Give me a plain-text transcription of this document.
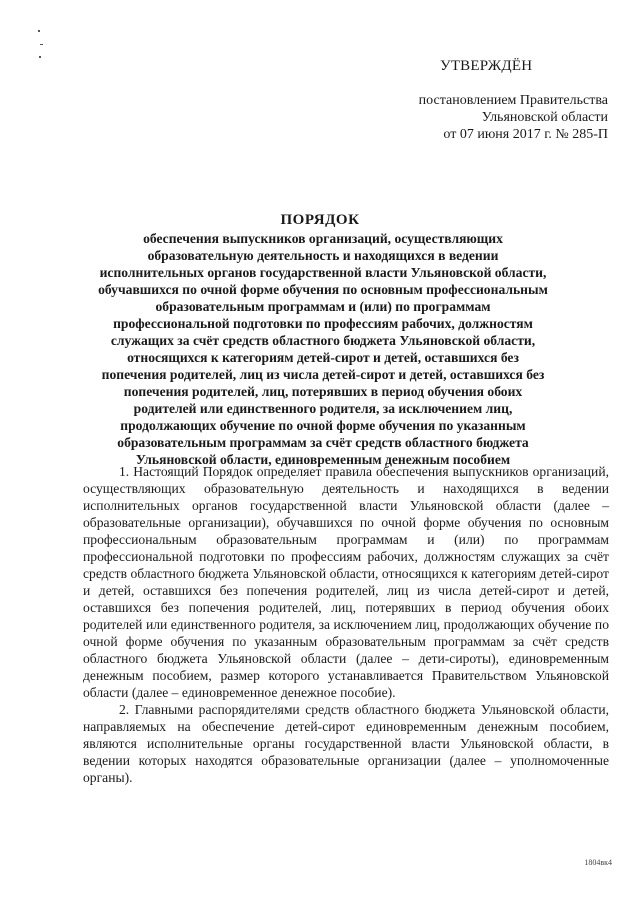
УТВЕРЖДЁН
постановлением Правительства
Ульяновской области
от 07 июня 2017 г. № 285-П
ПОРЯДОК
обеспечения выпускников организаций, осуществляющих образовательную деятельность и находящихся в ведении исполнительных органов государственной власти Ульяновской области, обучавшихся по очной форме обучения по основным профессиональным образовательным программам и (или) по программам профессиональной подготовки по профессиям рабочих, должностям служащих за счёт средств областного бюджета Ульяновской области, относящихся к категориям детей-сирот и детей, оставшихся без попечения родителей, лиц из числа детей-сирот и детей, оставшихся без попечения родителей, лиц, потерявших в период обучения обоих родителей или единственного родителя, за исключением лиц, продолжающих обучение по очной форме обучения по указанным образовательным программам за счёт средств областного бюджета Ульяновской области, единовременным денежным пособием

1. Настоящий Порядок определяет правила обеспечения выпускников организаций, осуществляющих образовательную деятельность и находящихся в ведении исполнительных органов государственной власти Ульяновской области (далее – образовательные организации), обучавшихся по очной форме обучения по основным профессиональным образовательным программам и (или) по программам профессиональной подготовки по профессиям рабочих, должностям служащих за счёт средств областного бюджета Ульяновской области, относящихся к категориям детей-сирот и детей, оставшихся без попечения родителей, лиц из числа детей-сирот и детей, оставшихся без попечения родителей, лиц, потерявших в период обучения обоих родителей или единственного родителя, за исключением лиц, продолжающих обучение по очной форме обучения по указанным образовательным программам за счёт средств областного бюджета Ульяновской области (далее – дети-сироты), единовременным денежным пособием, размер которого устанавливается Правительством Ульяновской области (далее – единовременное денежное пособие).

2. Главными распорядителями средств областного бюджета Ульяновской области, направляемых на обеспечение детей-сирот единовременным денежным пособием, являются исполнительные органы государственной власти Ульяновской области, в ведении которых находятся образовательные организации (далее – уполномоченные органы).

1804вк4
